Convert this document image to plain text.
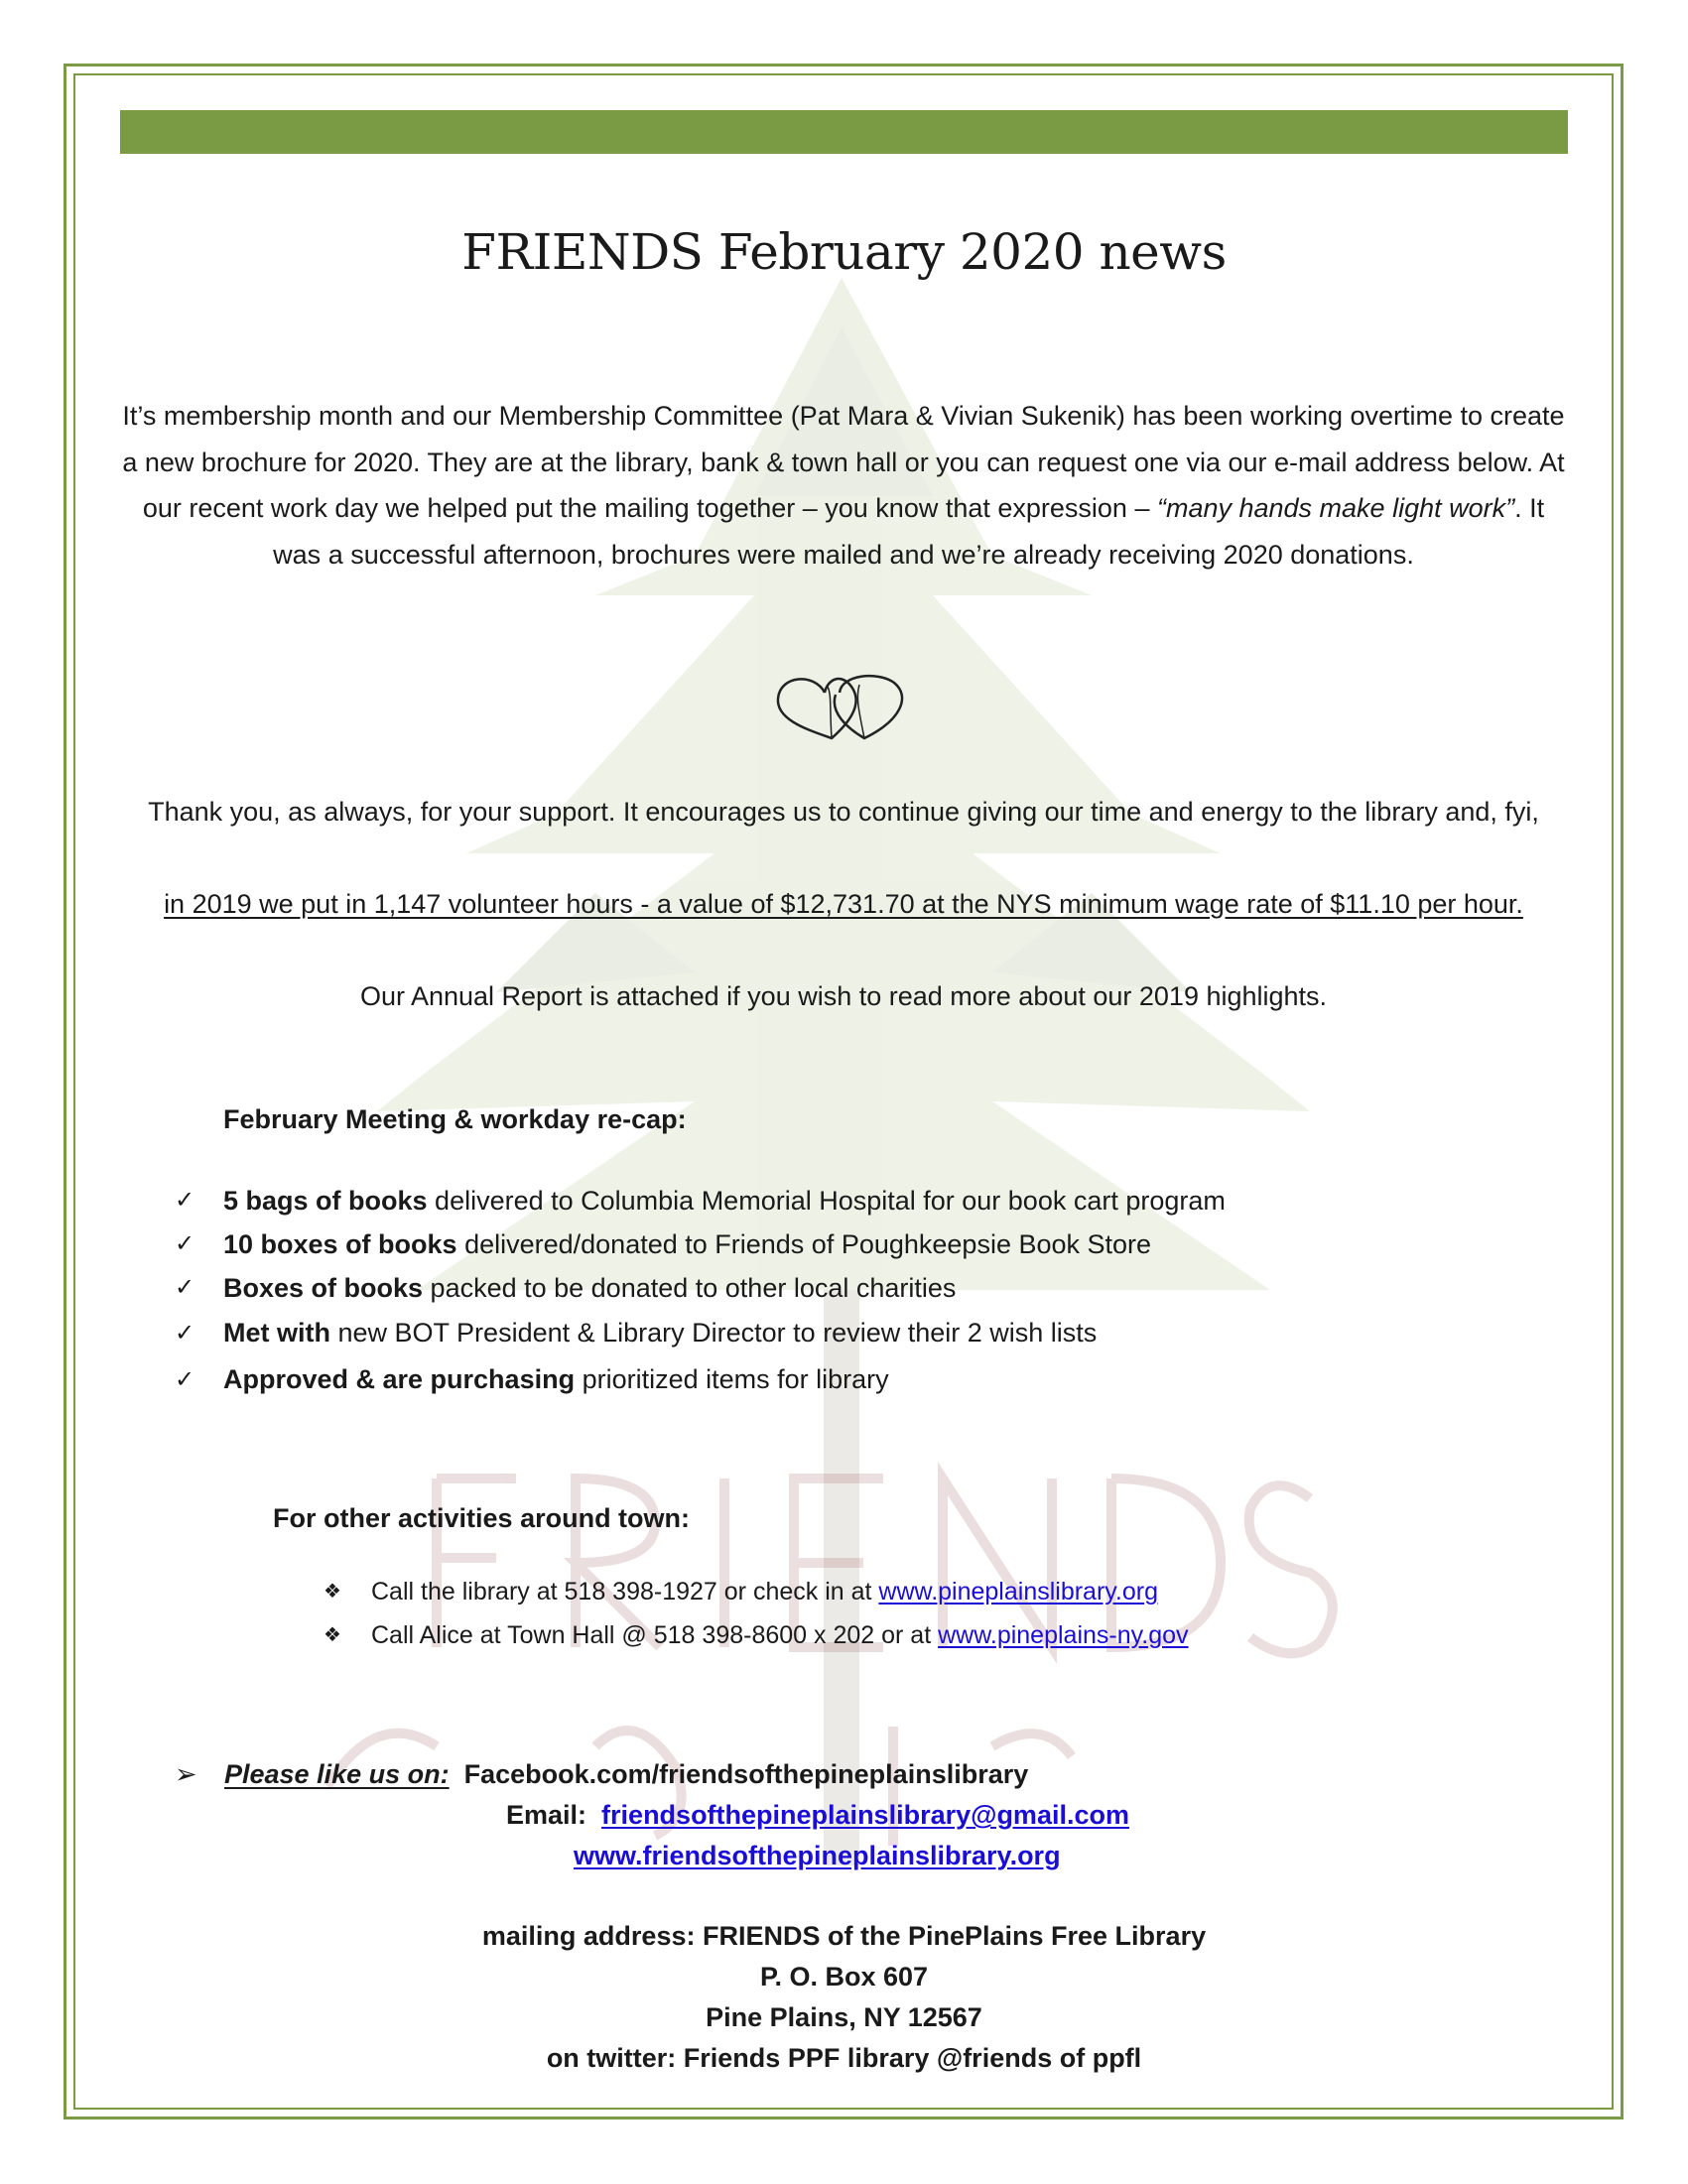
FRIENDS February 2020 news

It’s membership month and our Membership Committee (Pat Mara & Vivian Sukenik) has been working overtime to create a new brochure for 2020. They are at the library, bank & town hall or you can request one via our e-mail address below. At our recent work day we helped put the mailing together – you know that expression – “many hands make light work”. It was a successful afternoon, brochures were mailed and we’re already receiving 2020 donations.

Thank you, as always, for your support. It encourages us to continue giving our time and energy to the library and, fyi,

in 2019 we put in 1,147 volunteer hours - a value of $12,731.70 at the NYS minimum wage rate of $11.10 per hour.

Our Annual Report is attached if you wish to read more about our 2019 highlights.

February Meeting & workday re-cap:
✓ 5 bags of books delivered to Columbia Memorial Hospital for our book cart program
✓ 10 boxes of books delivered/donated to Friends of Poughkeepsie Book Store
✓ Boxes of books packed to be donated to other local charities
✓ Met with new BOT President & Library Director to review their 2 wish lists
✓ Approved & are purchasing prioritized items for library
For other activities around town:
❖ Call the library at 518 398-1927 or check in at www.pineplainslibrary.org
❖ Call Alice at Town Hall @ 518 398-8600 x 202 or at www.pineplains-ny.gov
➢ Please like us on: Facebook.com/friendsofthepineplainslibrary
Email: friendsofthepineplainslibrary@gmail.com
www.friendsofthepineplainslibrary.org
mailing address: FRIENDS of the PinePlains Free Library
P. O. Box 607
Pine Plains, NY 12567
on twitter: Friends PPF library @friends of ppfl
